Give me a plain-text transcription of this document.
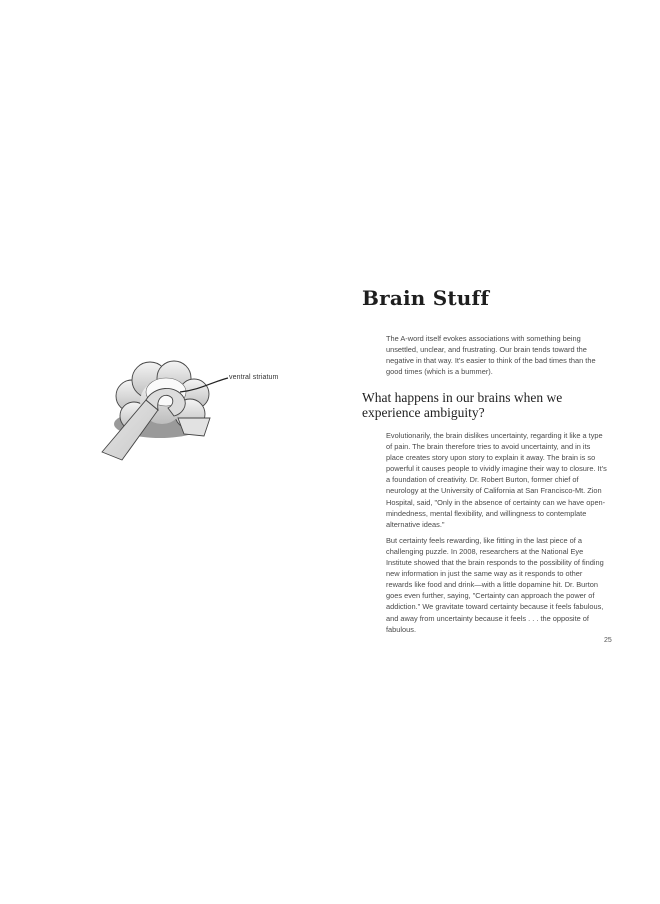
Brain Stuff

The A-word itself evokes associations with something being unsettled, unclear, and frustrating. Our brain tends toward the negative in that way. It's easier to think of the bad times than the good times (which is a bummer).

What happens in our brains when we experience ambiguity?

Evolutionarily, the brain dislikes uncertainty, regarding it like a type of pain. The brain therefore tries to avoid uncertainty, and in its place creates story upon story to explain it away. The brain is so powerful it causes people to vividly imagine their way to closure. It's a foundation of creativity. Dr. Robert Burton, former chief of neurology at the University of California at San Francisco-Mt. Zion Hospital, said, "Only in the absence of certainty can we have open-mindedness, mental flexibility, and willingness to contemplate alternative ideas."

But certainty feels rewarding, like fitting in the last piece of a challenging puzzle. In 2008, researchers at the National Eye Institute showed that the brain responds to the possibility of finding new information in just the same way as it responds to other rewards like food and drink—with a little dopamine hit. Dr. Burton goes even further, saying, "Certainty can approach the power of addiction." We gravitate toward certainty because it feels fabulous, and away from uncertainty because it feels . . . the opposite of fabulous.

25
ventral striatum
